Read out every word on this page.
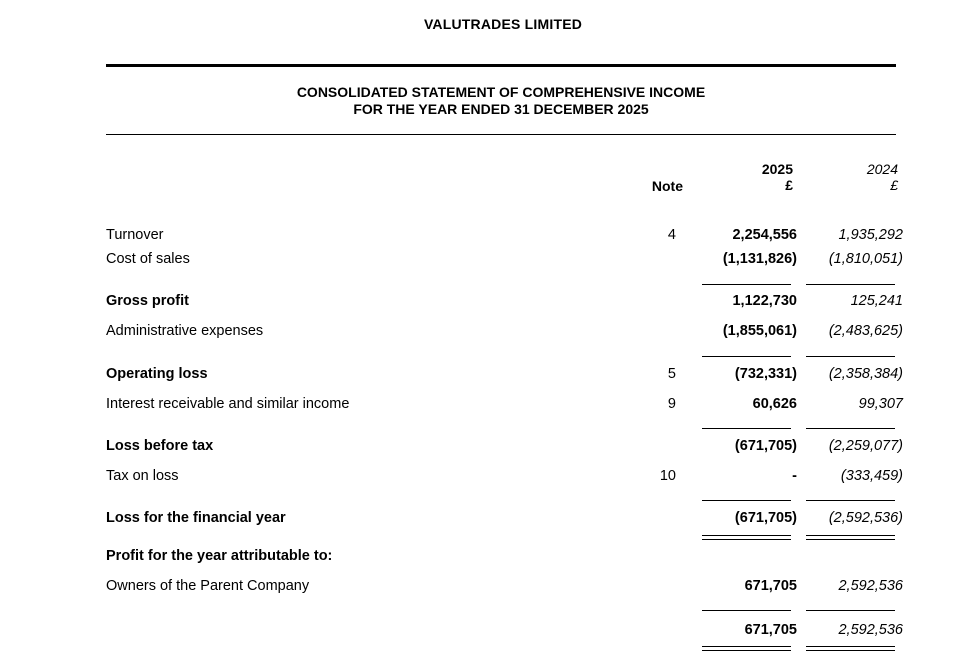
VALUTRADES LIMITED
CONSOLIDATED STATEMENT OF COMPREHENSIVE INCOME
FOR THE YEAR ENDED 31 DECEMBER 2025
Note
2025
£
2024
£
Turnover	4	2,254,556	1,935,292
Cost of sales	(1,131,826)	(1,810,051)
Gross profit	1,122,730	125,241
Administrative expenses	(1,855,061)	(2,483,625)
Operating loss	5	(732,331)	(2,358,384)
Interest receivable and similar income	9	60,626	99,307
Loss before tax	(671,705)	(2,259,077)
Tax on loss	10	-	(333,459)
Loss for the financial year	(671,705)	(2,592,536)
Profit for the year attributable to:
Owners of the Parent Company	671,705	2,592,536
671,705	2,592,536
